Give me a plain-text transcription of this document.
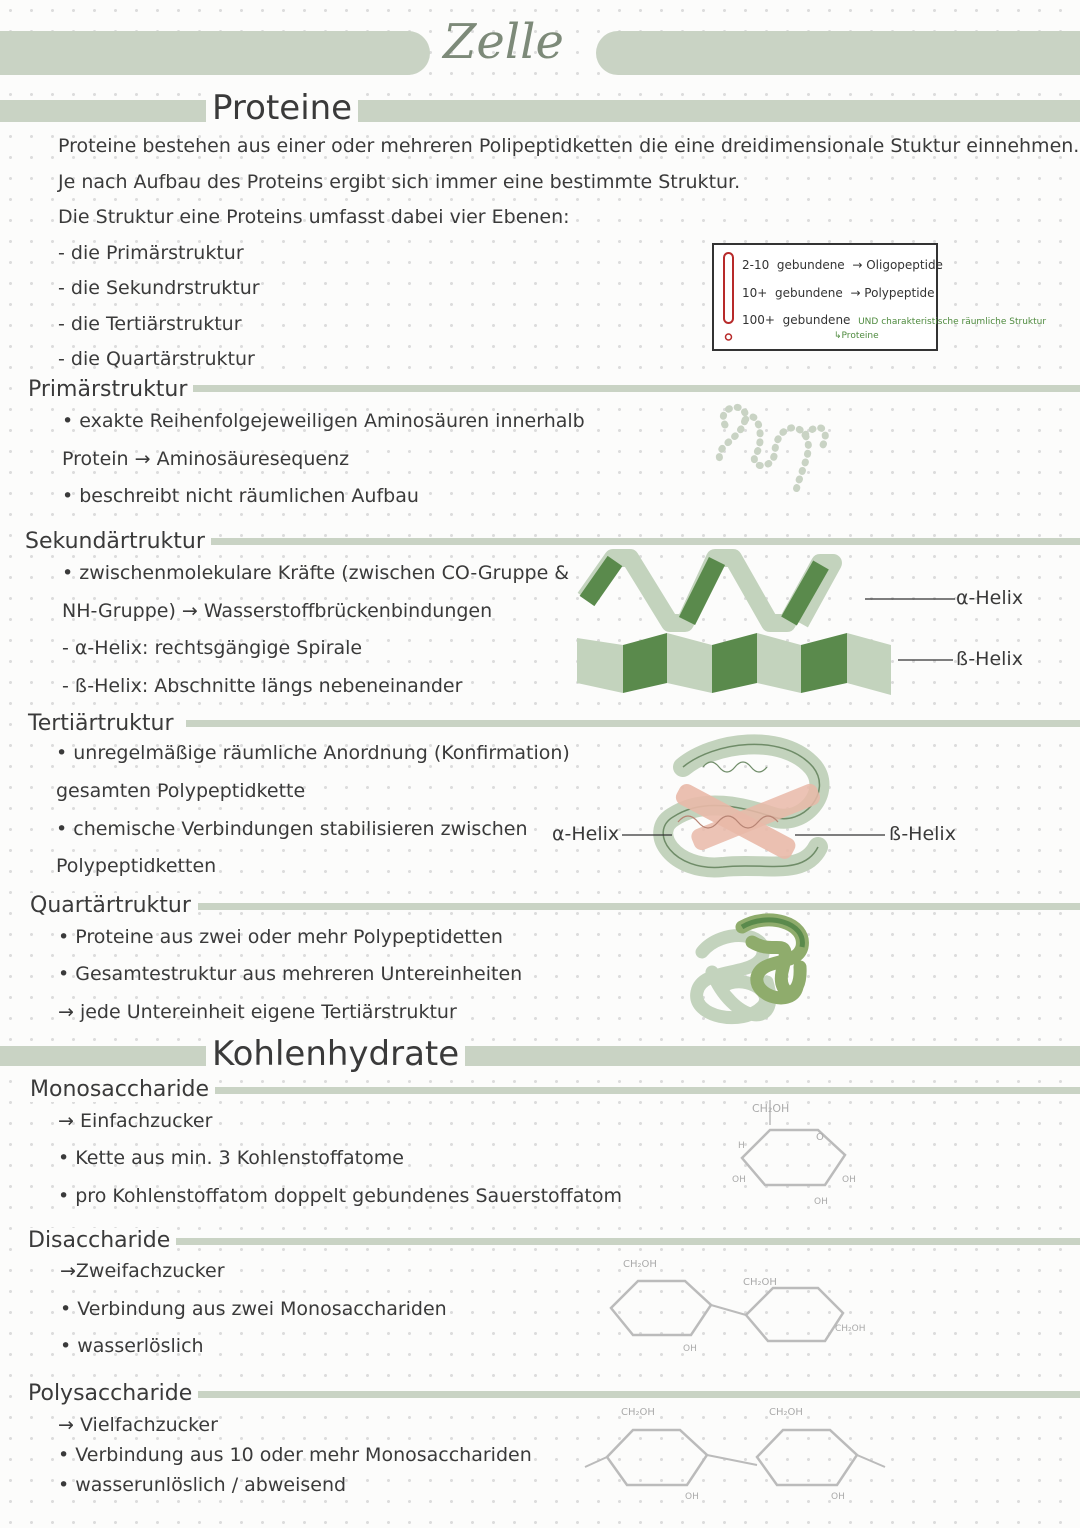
Zelle
Proteine
Proteine bestehen aus einer oder mehreren Polipeptidketten die eine dreidimensionale Stuktur einnehmen.
Je nach Aufbau des Proteins ergibt sich immer eine bestimmte Struktur.
Die Struktur eine Proteins umfasst dabei vier Ebenen:
- die Primärstruktur
- die Sekundrstruktur
- die Tertiärstruktur
- die Quartärstruktur
2-10 gebundene → Oligopeptide
10+ gebundene → Polypeptide
100+ gebundene UND charakteristische räumliche Struktur
↳Proteine
Primärstruktur
• exakte Reihenfolgejeweiligen Aminosäuren innerhalb
Protein → Aminosäuresequenz
• beschreibt nicht räumlichen Aufbau
Sekundärtruktur
• zwischenmolekulare Kräfte (zwischen CO-Gruppe &
NH-Gruppe) → Wasserstoffbrückenbindungen
- α-Helix: rechtsgängige Spirale
- ß-Helix: Abschnitte längs nebeneinander
α-Helix
ß-Helix
Tertiärtruktur
• unregelmäßige räumliche Anordnung (Konfirmation)
gesamten Polypeptidkette
• chemische Verbindungen stabilisieren zwischen
Polypeptidketten
α-Helix	ß-Helix
Quartärtruktur
• Proteine aus zwei oder mehr Polypeptidetten
• Gesamtestruktur aus mehreren Untereinheiten
→ jede Untereinheit eigene Tertiärstruktur
Kohlenhydrate
Monosaccharide
→ Einfachzucker
• Kette aus min. 3 Kohlenstoffatome
• pro Kohlenstoffatom doppelt gebundenes Sauerstoffatom
CH₂OH
O
H
OH
OH
OH
Disaccharide
→Zweifachzucker
• Verbindung aus zwei Monosacchariden
• wasserlöslich
CH₂OH
CH₂OH
OH
CH₂OH
Polysaccharide
→ Vielfachzucker
• Verbindung aus 10 oder mehr Monosacchariden
• wasserunlöslich / abweisend
CH₂OH	CH₂OH
OH	OH
